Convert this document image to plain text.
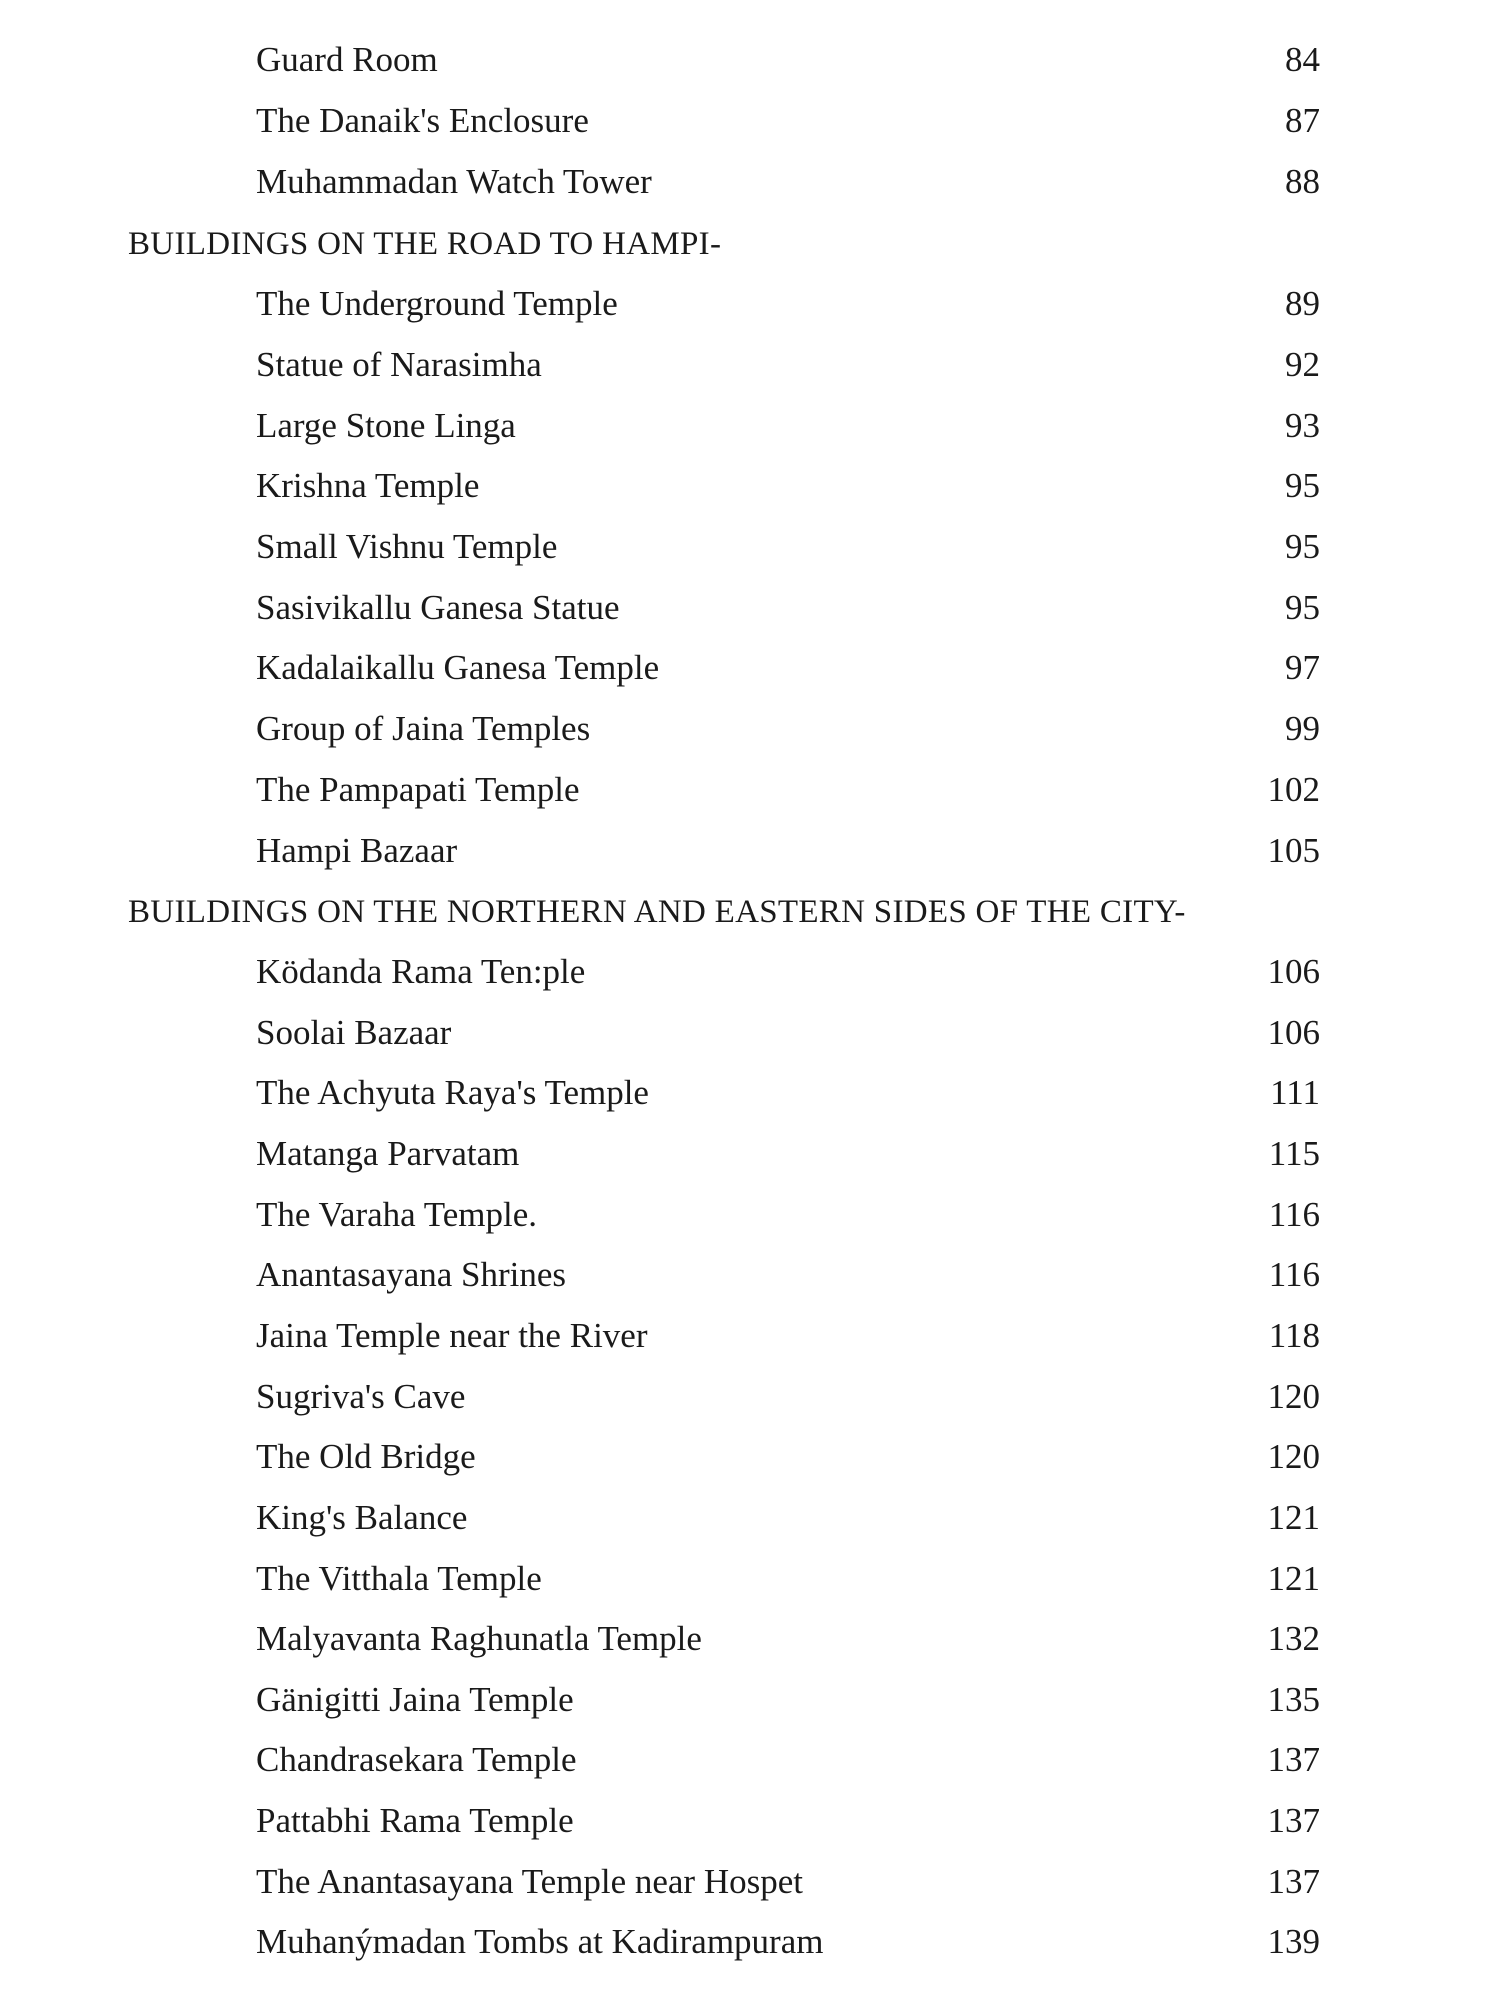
Guard Room	84
The Danaik's Enclosure	87
Muhammadan Watch Tower	88
BUILDINGS ON THE ROAD TO HAMPI-
The Underground Temple	89
Statue of Narasimha	92
Large Stone Linga	93
Krishna Temple	95
Small Vishnu Temple	95
Sasivikallu Ganesa Statue	95
Kadalaikallu Ganesa Temple	97
Group of Jaina Temples	99
The Pampapati Temple	102
Hampi Bazaar	105
BUILDINGS ON THE NORTHERN AND EASTERN SIDES OF THE CITY-
Ködanda Rama Ten:ple	106
Soolai Bazaar	106
The Achyuta Raya's Temple	111
Matanga Parvatam	115
The Varaha Temple.	116
Anantasayana Shrines	116
Jaina Temple near the River	118
Sugriva's Cave	120
The Old Bridge	120
King's Balance	121
The Vitthala Temple	121
Malyavanta Raghunatla Temple	132
Gänigitti Jaina Temple	135
Chandrasekara Temple	137
Pattabhi Rama Temple	137
The Anantasayana Temple near Hospet	137
Muhanýmadan Tombs at Kadirampuram	139
